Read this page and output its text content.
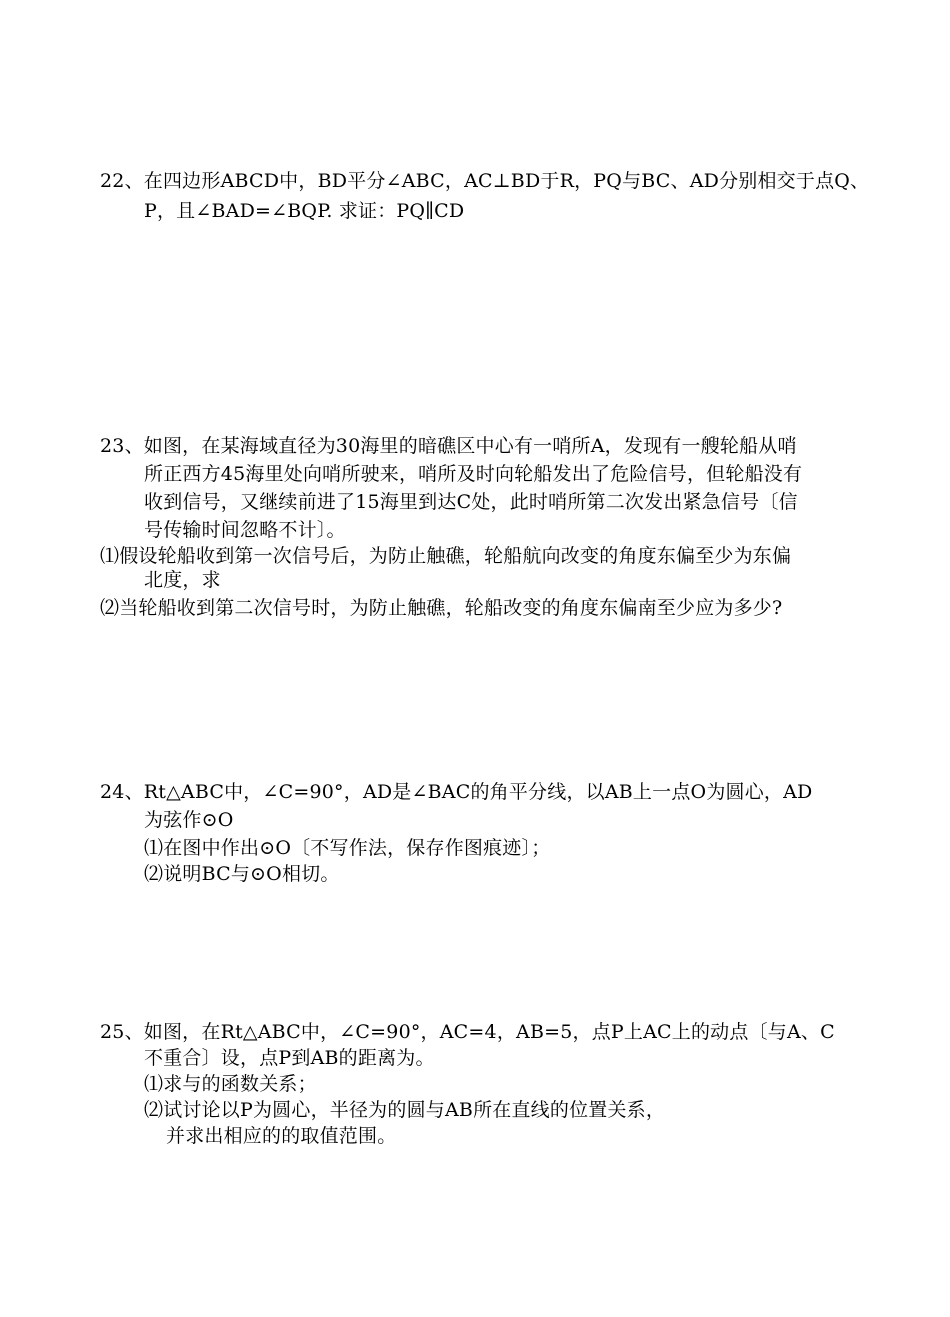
22、在四边形ABCD中，BD平分∠ABC，AC⊥BD于R，PQ与BC、AD分别相交于点Q、
P，且∠BAD=∠BQP. 求证：PQ∥CD
23、如图，在某海域直径为30海里的暗礁区中心有一哨所A，发现有一艘轮船从哨
所正西方45海里处向哨所驶来，哨所及时向轮船发出了危险信号，但轮船没有
收到信号，又继续前进了15海里到达C处，此时哨所第二次发出紧急信号〔信
号传输时间忽略不计〕。
⑴假设轮船收到第一次信号后，为防止触礁，轮船航向改变的角度东偏至少为东偏
北度，求
⑵当轮船收到第二次信号时，为防止触礁，轮船改变的角度东偏南至少应为多少?
24、Rt△ABC中，∠C=90°，AD是∠BAC的角平分线，以AB上一点O为圆心，AD
为弦作⊙O
⑴在图中作出⊙O〔不写作法，保存作图痕迹〕；
⑵说明BC与⊙O相切。
25、如图，在Rt△ABC中，∠C=90°，AC=4，AB=5，点P上AC上的动点〔与A、C
不重合〕设，点P到AB的距离为。
⑴求与的函数关系；
⑵试讨论以P为圆心，半径为的圆与AB所在直线的位置关系，
并求出相应的的取值范围。
